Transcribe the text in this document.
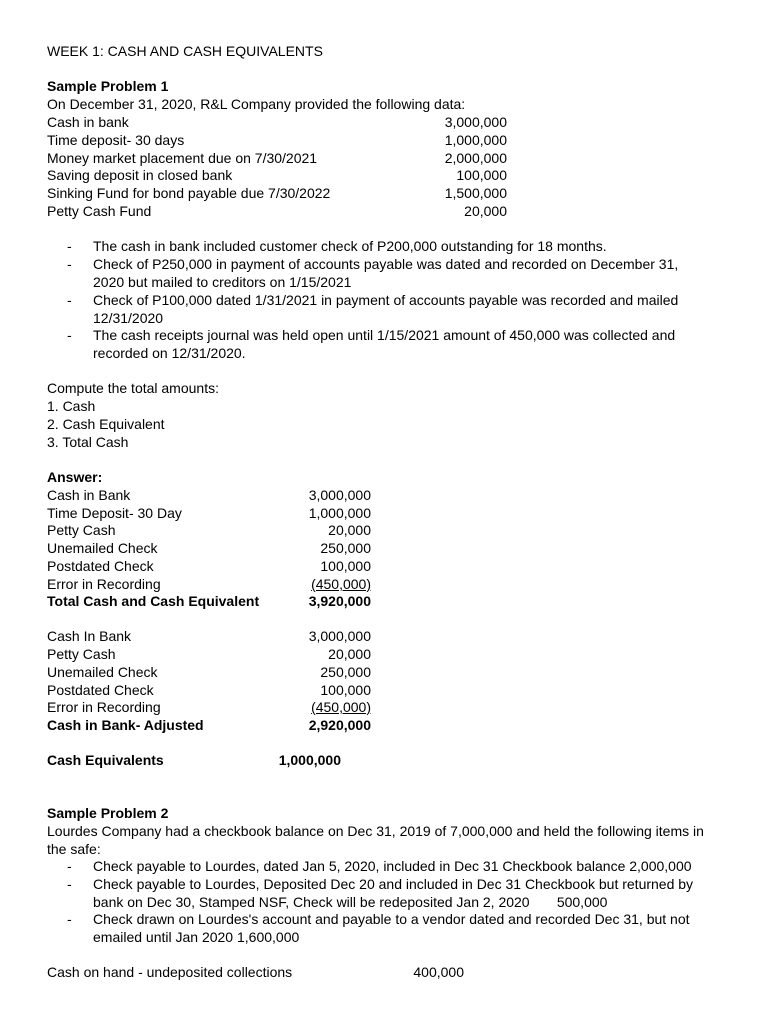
WEEK 1: CASH AND CASH EQUIVALENTS
Sample Problem 1
On December 31, 2020, R&L Company provided the following data:
Cash in bank	3,000,000
Time deposit- 30 days	1,000,000
Money market placement due on 7/30/2021	2,000,000
Saving deposit in closed bank	100,000
Sinking Fund for bond payable due 7/30/2022	1,500,000
Petty Cash Fund	20,000
- The cash in bank included customer check of P200,000 outstanding for 18 months.
- Check of P250,000 in payment of accounts payable was dated and recorded on December 31,
2020 but mailed to creditors on 1/15/2021
- Check of P100,000 dated 1/31/2021 in payment of accounts payable was recorded and mailed
12/31/2020
- The cash receipts journal was held open until 1/15/2021 amount of 450,000 was collected and
recorded on 12/31/2020.
Compute the total amounts:
1. Cash
2. Cash Equivalent
3. Total Cash
Answer:
Cash in Bank	3,000,000
Time Deposit- 30 Day	1,000,000
Petty Cash	20,000
Unemailed Check	250,000
Postdated Check	100,000
Error in Recording	(450,000)
Total Cash and Cash Equivalent	3,920,000
Cash In Bank	3,000,000
Petty Cash	20,000
Unemailed Check	250,000
Postdated Check	100,000
Error in Recording	(450,000)
Cash in Bank- Adjusted	2,920,000
Cash Equivalents	1,000,000
Sample Problem 2
Lourdes Company had a checkbook balance on Dec 31, 2019 of 7,000,000 and held the following items in
the safe:
- Check payable to Lourdes, dated Jan 5, 2020, included in Dec 31 Checkbook balance 2,000,000
- Check payable to Lourdes, Deposited Dec 20 and included in Dec 31 Checkbook but returned by
bank on Dec 30, Stamped NSF, Check will be redeposited Jan 2, 2020       500,000
- Check drawn on Lourdes's account and payable to a vendor dated and recorded Dec 31, but not
emailed until Jan 2020 1,600,000
Cash on hand - undeposited collections	400,000
